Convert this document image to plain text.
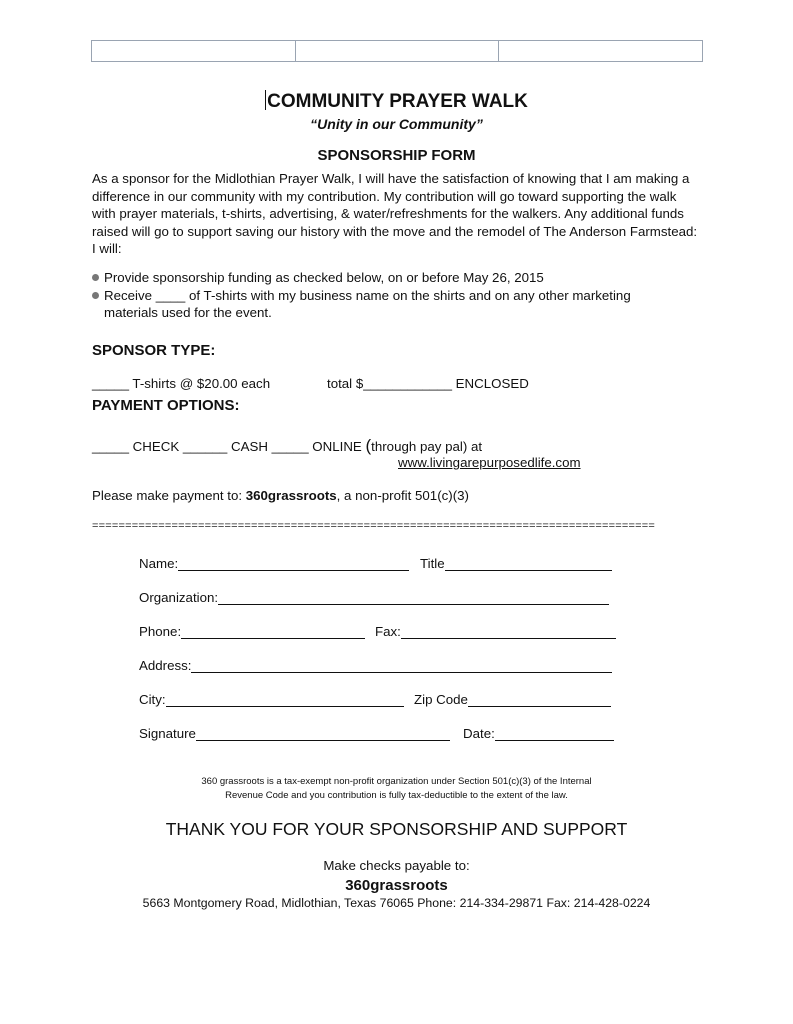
COMMUNITY PRAYER WALK
“Unity in our Community”
SPONSORSHIP FORM
As a sponsor for the Midlothian Prayer Walk, I will have the satisfaction of knowing that I am making a difference in our community with my contribution. My contribution will go toward supporting the walk with prayer materials, t-shirts, advertising, & water/refreshments for the walkers. Any additional funds raised will go to support saving our history with the move and the remodel of The Anderson Farmstead: I will:
Provide sponsorship funding as checked below, on or before May 26, 2015
Receive ____ of T-shirts with my business name on the shirts and on any other marketing
materials used for the event.
SPONSOR TYPE:
_____ T-shirts @ $20.00 each	total $____________ ENCLOSED
PAYMENT OPTIONS:
_____ CHECK ______ CASH _____ ONLINE (through pay pal) at
www.livingarepurposedlife.com
Please make payment to: 360grassroots, a non-profit 501(c)(3)
=====================================================================================
Name:	Title
Organization:
Phone:	Fax:
Address:
City:	Zip Code
Signature	Date:
360 grassroots is a tax-exempt non-profit organization under Section 501(c)(3) of the Internal
Revenue Code and you contribution is fully tax-deductible to the extent of the law.
THANK YOU FOR YOUR SPONSORSHIP AND SUPPORT
Make checks payable to:
360grassroots
5663 Montgomery Road, Midlothian, Texas 76065 Phone: 214-334-29871 Fax: 214-428-0224
